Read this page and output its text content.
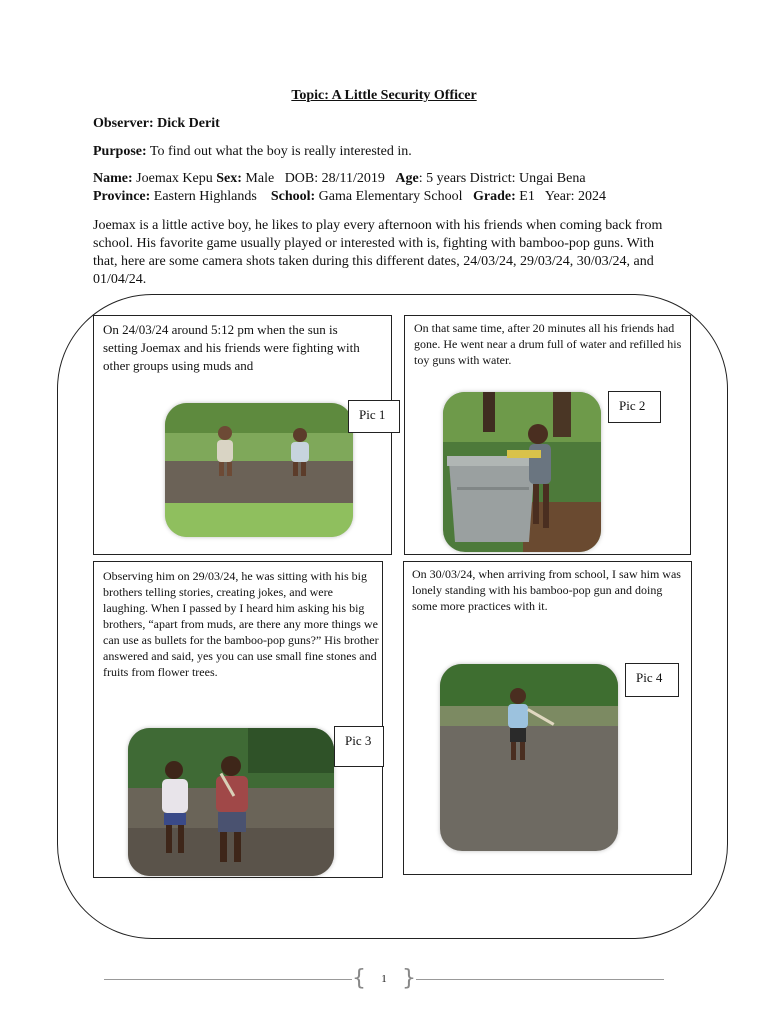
Topic: A Little Security Officer
Observer: Dick Derit
Purpose: To find out what the boy is really interested in.
Name: Joemax Kepu Sex: Male DOB: 28/11/2019 Age: 5 years District: Ungai Bena
Province: Eastern Highlands School: Gama Elementary School Grade: E1 Year: 2024
Joemax is a little active boy, he likes to play every afternoon with his friends when coming back from school. His favorite game usually played or interested with is, fighting with bamboo-pop guns. With that, here are some camera shots taken during this different dates, 24/03/24, 29/03/24, 30/03/24, and 01/04/24.
On 24/03/24 around 5:12 pm when the sun is setting Joemax and his friends were fighting with other groups using muds and
Pic 1
On that same time, after 20 minutes all his friends had gone. He went near a drum full of water and refilled his toy guns with water.
Pic 2
Observing him on 29/03/24, he was sitting with his big brothers telling stories, creating jokes, and were laughing. When I passed by I heard him asking his big brothers, “apart from muds, are there any more things we can use as bullets for the bamboo-pop guns?” His brother answered and said, yes you can use small fine stones and fruits from flower trees.
Pic 3
On 30/03/24, when arriving from school, I saw him was lonely standing with his bamboo-pop gun and doing some more practices with it.
Pic 4
{ }
1
